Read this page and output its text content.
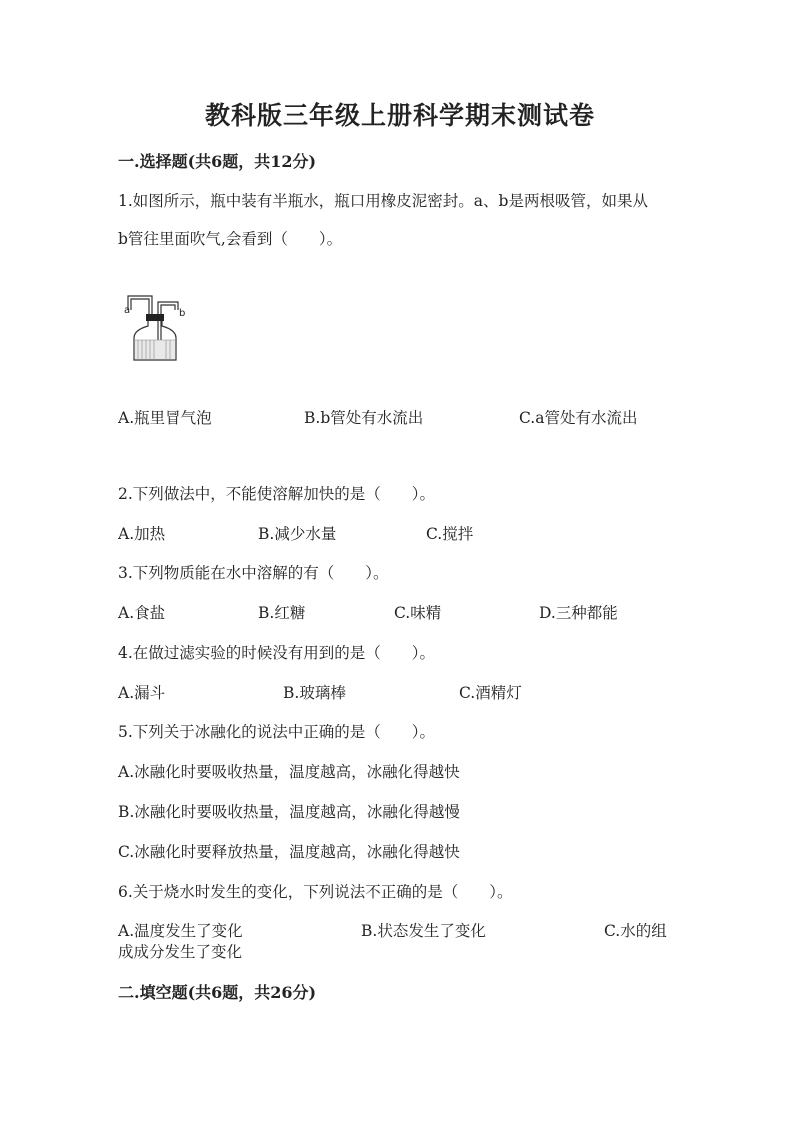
教科版三年级上册科学期末测试卷
一.选择题(共6题，共12分)
1.如图所示，瓶中装有半瓶水，瓶口用橡皮泥密封。a、b是两根吸管，如果从
b管往里面吹气,会看到（　　）。
a	b
A.瓶里冒气泡	B.b管处有水流出	C.a管处有水流出
2.下列做法中，不能使溶解加快的是（　　）。
A.加热	B.减少水量	C.搅拌
3.下列物质能在水中溶解的有（　　）。
A.食盐	B.红糖	C.味精	D.三种都能
4.在做过滤实验的时候没有用到的是（　　）。
A.漏斗	B.玻璃棒	C.酒精灯
5.下列关于冰融化的说法中正确的是（　　）。
A.冰融化时要吸收热量，温度越高，冰融化得越快
B.冰融化时要吸收热量，温度越高，冰融化得越慢
C.冰融化时要释放热量，温度越高，冰融化得越快
6.关于烧水时发生的变化，下列说法不正确的是（　　）。
A.温度发生了变化	B.状态发生了变化	C.水的组
成成分发生了变化
二.填空题(共6题，共26分)
